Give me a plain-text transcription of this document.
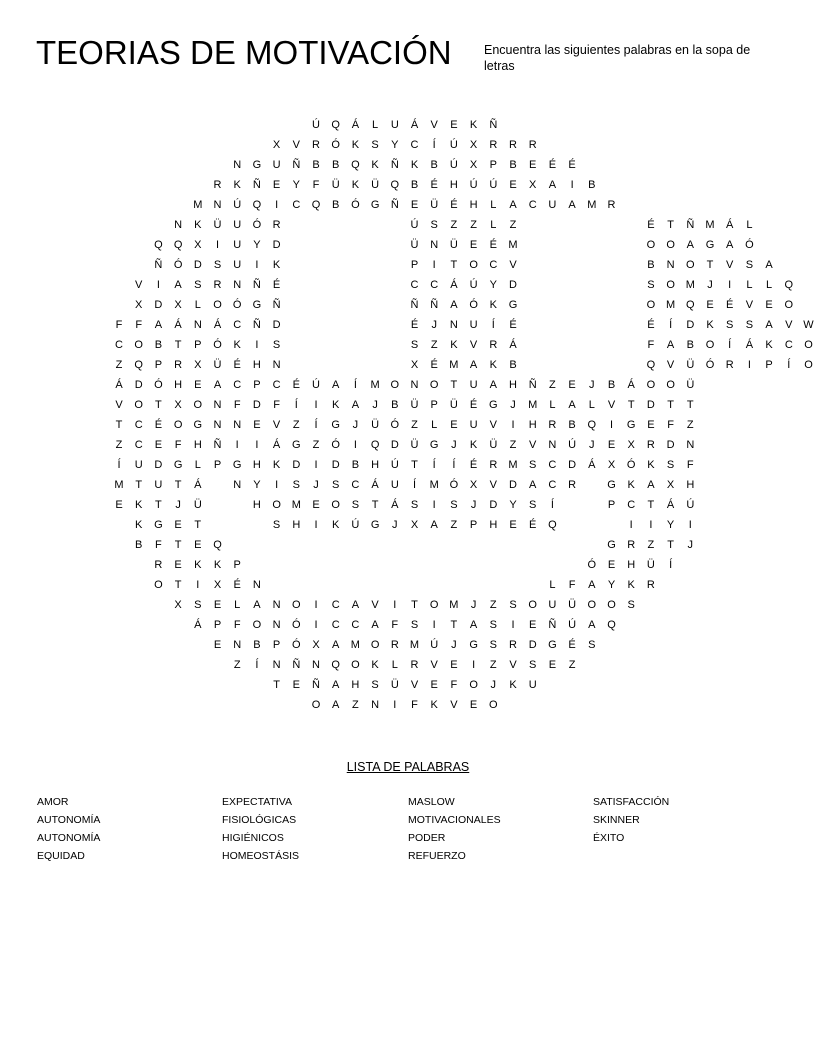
TEORIAS DE MOTIVACIÓN	Encuentra las siguientes palabras en la sopa de letras
Ú	Q	Á	L	U	Á	V	E	K	Ñ
X	V	R	Ó	K	S	Y	C	Í	Ú	X	R	R	R
N	G	U	Ñ	B	B	Q	K	Ñ	K	B	Ú	X	P	B	E	É	É
R	K	Ñ	E	Y	F	Ü	K	Ü	Q	B	É	H	Ú	Ú	E	X	A	I	B
M	N	Ú	Q	I	C	Q	B	Ó	G	Ñ	E	Ü	É	H	L	A	C	U	A	M	R
N	K	Ü	U	Ó	R	Ú	S	Z	Z	L	Z	É	T	Ñ	M	Á	L
Q	Q	X	I	U	Y	D	Ü	N	Ü	E	É	M	O	O	A	G	A	Ó
Ñ	Ó	D	S	U	I	K	P	I	T	O	C	V	B	N	O	T	V	S	A
V	I	A	S	R	N	Ñ	É	C	C	Á	Ú	Y	D	S	O M	J	I	L	L	Q
X	D	X	L	O	Ó	G	Ñ	Ñ	Ñ	A	Ó	K	G	O M Q	E	É	V	E	O
F	F	A	Á	N	Á	C	Ñ	D	É	J	N	U	Í	É	É	Í	D	K	S	S	A	V W
C	O	B	T	P	Ó	K	I	S	S	Z	K	V	R	Á	F	A	B	O	Í	Á	K	C	O
Z	Q	P	R	X	Ü	É	H	N	X	É	M	A	K	B	Q	V	Ü	Ó	R	I	P	Í	O
Á	D	Ó	H	E	A	C	P	C	É	Ú	A	Í	M O	N	O	T	U	A	H	Ñ	Z	E	J	B	Á	O	O	Ü
V	O	T	X	O	N	F	D	F	Í	I	K	A	J	B	Ü	P	Ü	É	G	J	M	L	A	L	V	T	D	T	T
T	C	É	O	G	N	N	E	V	Z	Í	G	J	Ü	Ó	Z	L	E	U	V	I	H	R	B	Q	I	G	E	F	Z
Z	C	E	F	H	Ñ	I	I	Á	G	Z	Ó	I	Q	D	Ü	G	J	K	Ü	Z	V	N	Ú	J	E	X	R	D	N
Í	U	D	G	L	P	G	H	K	D	I	D	B	H	Ú	T	Í	Í	É	R	M	S	C	D	Á	X	Ó	K	S	F
M	T	U	T	Á	N	Y	I	S	J	S	C	Á	U	Í	M Ó	X	V	D	A	C	R	G	K	A	X	H
E	K	T	J	Ü	H	O M	E	O	S	T	Á	S	I	S	J	D	Y	S	Í	P	C	T	Á	Ú
K	G	E	T	S	H	I	K	Ú	G	J	X	A	Z	P	H	E	É	Q	I	I	Y	I
B	F	T	E	Q	G	R	Z	T	J
R	E	K	K	P	Ó	E	H	Ü	Í
O	T	I	X	É	N	L	F	A	Y	K	R
X	S	E	L	A	N	O	I	C	A	V	I	T	O M	J	Z	S	O	U	Ü	O	O	S
Á	P	F	O	N	Ó	I	C	C	A	F	S	I	T	A	S	I	E	Ñ	Ú	A	Q
E	N	B	P	Ó	X	A	M O	R	M	Ú	J	G	S	R	D	G	É	S
Z	Í	N	Ñ	N	Q	O	K	L	R	V	E	I	Z	V	S	E	Z
T	E	Ñ	A	H	S	Ü	V	E	F	O	J	K	U
O	A	Z	N	I	F	K	V	E	O
LISTA DE PALABRAS
AMOR
AUTONOMÍA
AUTONOMÍA
EQUIDAD
EXPECTATIVA
FISIOLÓGICAS
HIGIÉNICOS
HOMEOSTÁSIS
MASLOW
MOTIVACIONALES
PODER
REFUERZO
SATISFACCIÓN
SKINNER
ÉXITO
